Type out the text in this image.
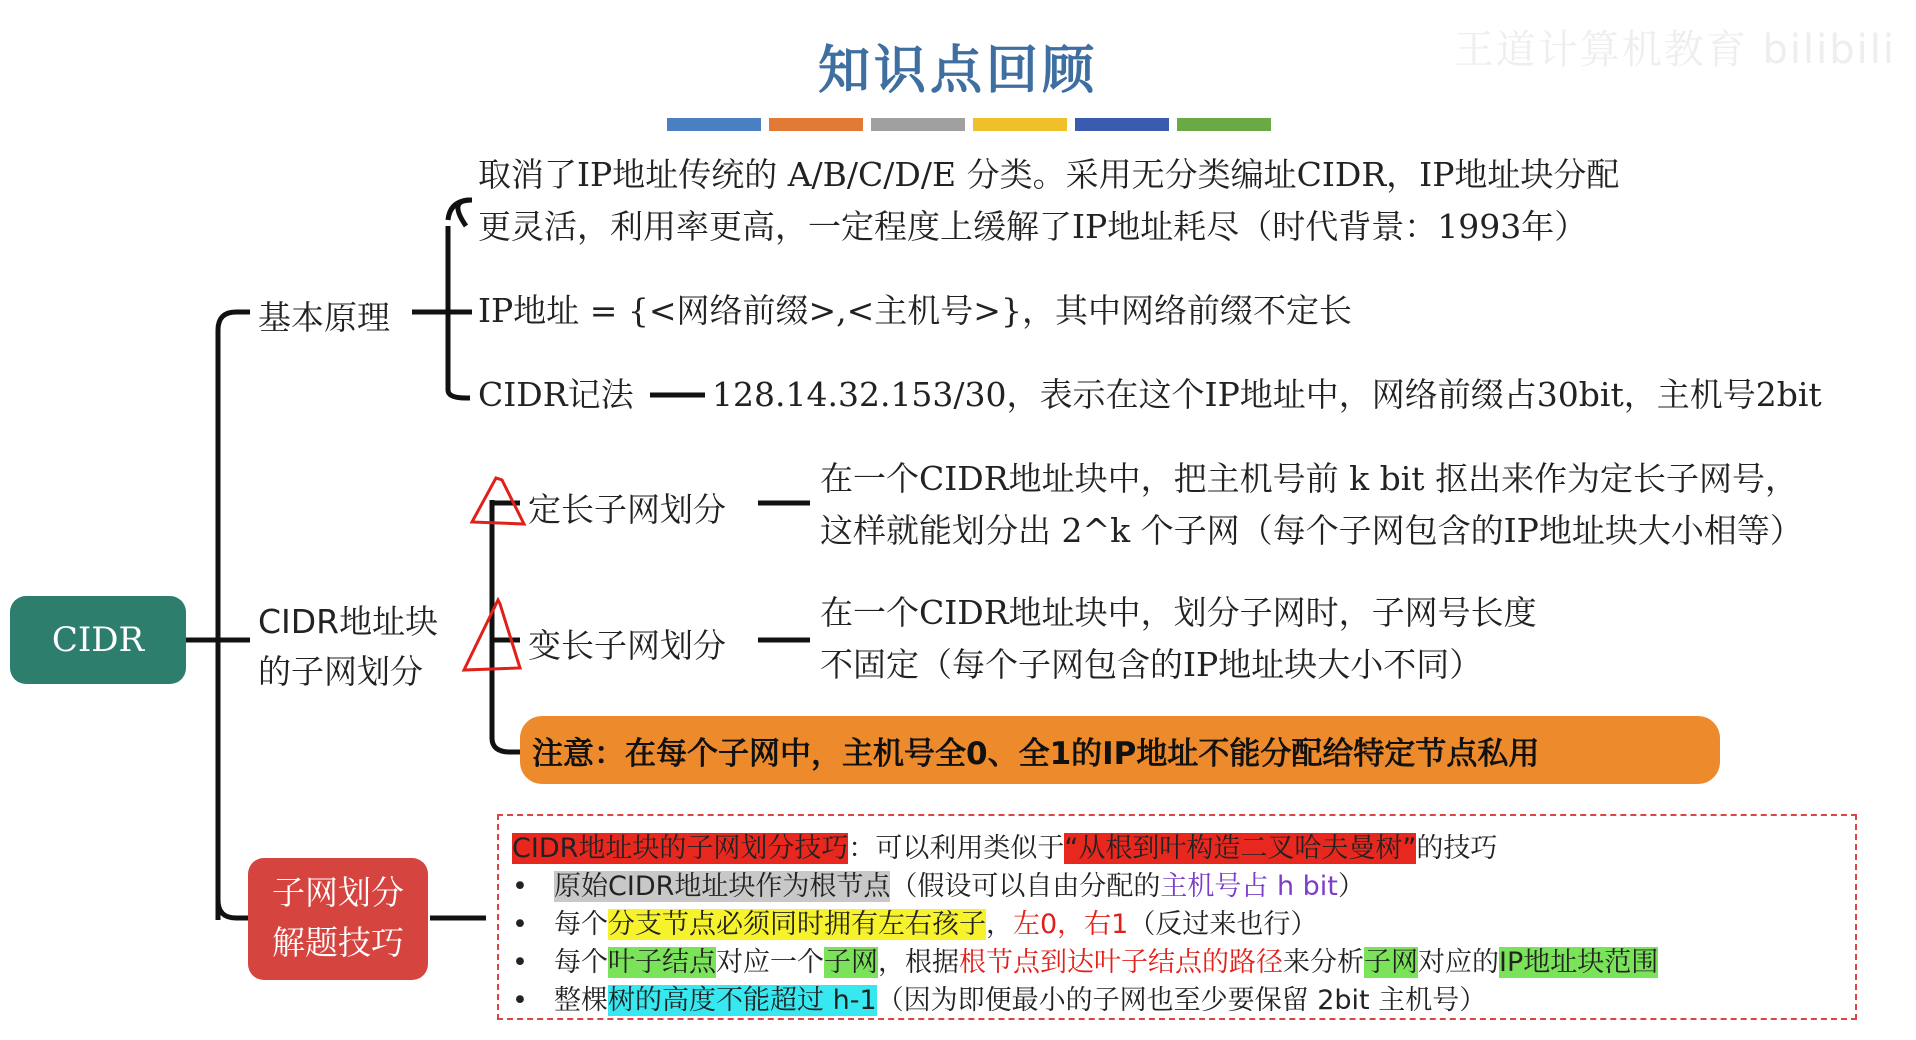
知识点回顾	王道计算机教育 bilibili
CIDR
基本原理
取消了IP地址传统的 A/B/C/D/E 分类。采用无分类编址CIDR，IP地址块分配
更灵活，利用率更高，一定程度上缓解了IP地址耗尽（时代背景：1993年）
IP地址 = {<网络前缀>,<主机号>}，其中网络前缀不定长
CIDR记法 128.14.32.153/30，表示在这个IP地址中，网络前缀占30bit，主机号2bit
CIDR地址块
的子网划分
定长子网划分
在一个CIDR地址块中，把主机号前 k bit 抠出来作为定长子网号，
这样就能划分出 2^k 个子网（每个子网包含的IP地址块大小相等）
变长子网划分
在一个CIDR地址块中，划分子网时，子网号长度
不固定（每个子网包含的IP地址块大小不同）
注意：在每个子网中，主机号全0、全1的IP地址不能分配给特定节点私用
子网划分
解题技巧
CIDR地址块的子网划分技巧：可以利用类似于“从根到叶构造二叉哈夫曼树”的技巧
• 原始CIDR地址块作为根节点（假设可以自由分配的主机号占 h bit）
• 每个分支节点必须同时拥有左右孩子，左0，右1（反过来也行）
• 每个叶子结点对应一个子网，根据根节点到达叶子结点的路径来分析子网对应的IP地址块范围
• 整棵树的高度不能超过 h-1（因为即便最小的子网也至少要保留 2bit 主机号）
